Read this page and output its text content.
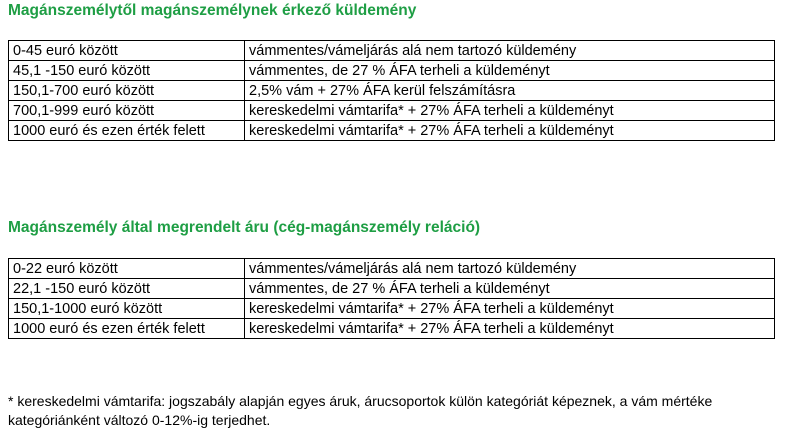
Magánszemélytől magánszemélynek érkező küldemény
0-45 euró között	vámmentes/vámeljárás alá nem tartozó küldemény
45,1 -150 euró között	vámmentes, de 27 % ÁFA terheli a küldeményt
150,1-700 euró között	2,5% vám + 27% ÁFA kerül felszámításra
700,1-999 euró között	kereskedelmi vámtarifa* + 27% ÁFA terheli a küldeményt
1000 euró és ezen érték felett	kereskedelmi vámtarifa* + 27% ÁFA terheli a küldeményt
Magánszemély által megrendelt áru (cég-magánszemély reláció)
0-22 euró között	vámmentes/vámeljárás alá nem tartozó küldemény
22,1 -150 euró között	vámmentes, de 27 % ÁFA terheli a küldeményt
150,1-1000 euró között	kereskedelmi vámtarifa* + 27% ÁFA terheli a küldeményt
1000 euró és ezen érték felett	kereskedelmi vámtarifa* + 27% ÁFA terheli a küldeményt

* kereskedelmi vámtarifa: jogszabály alapján egyes áruk, árucsoportok külön kategóriát képeznek, a vám mértéke kategóriánként változó 0-12%-ig terjedhet.
